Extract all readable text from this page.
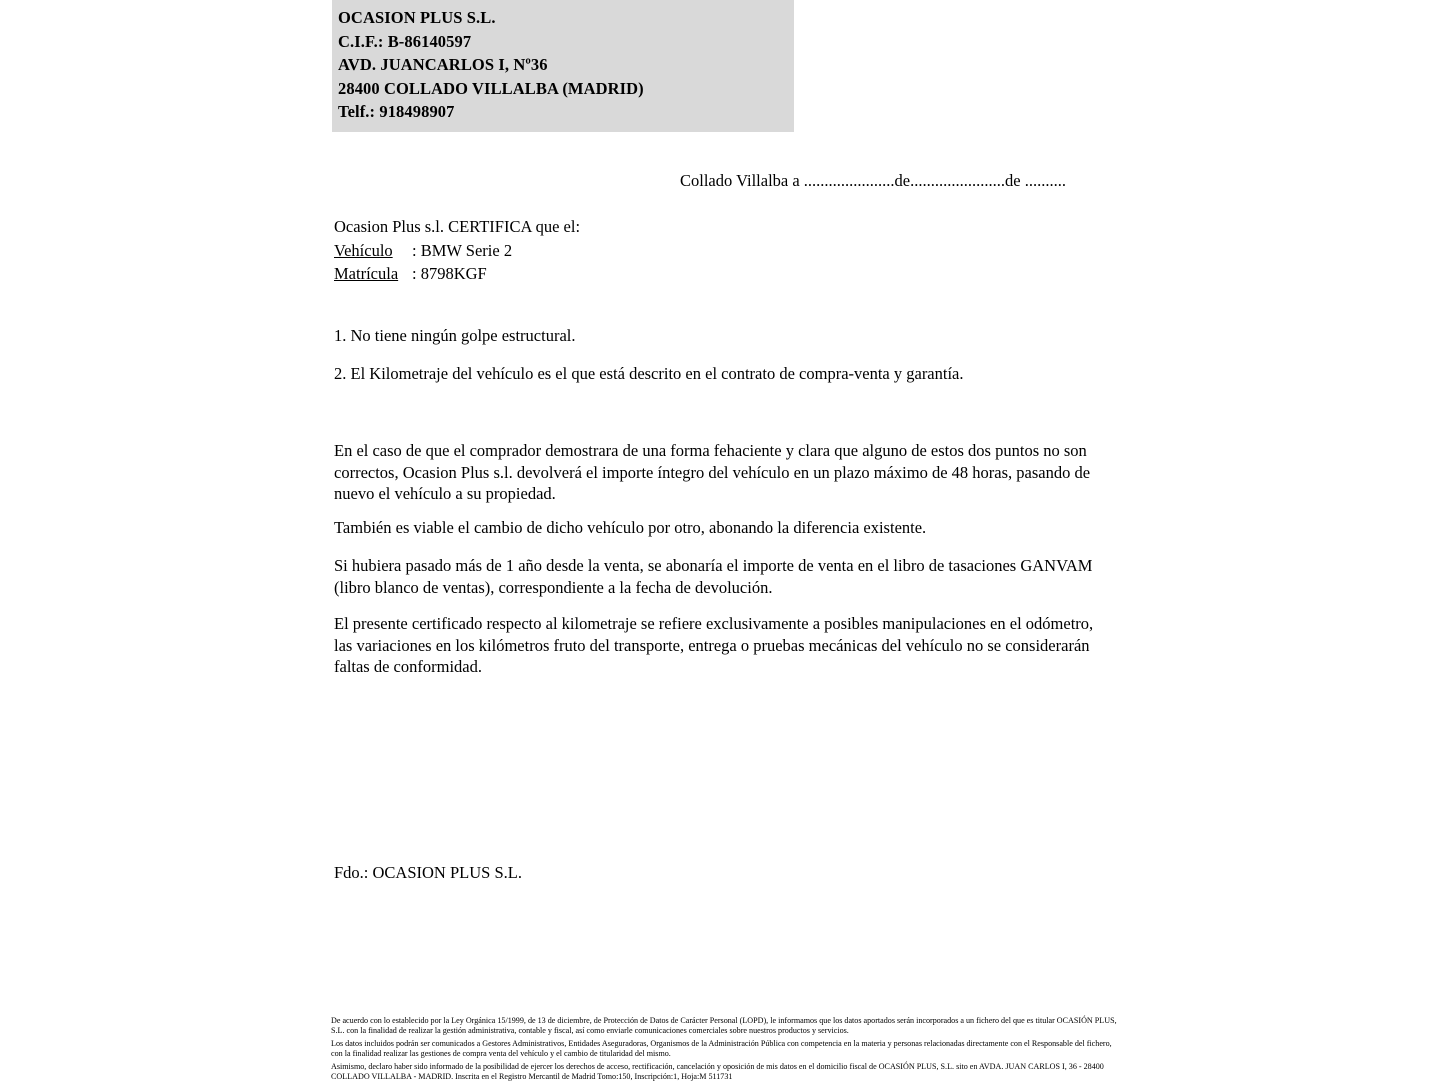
OCASION PLUS S.L.
C.I.F.: B-86140597
AVD. JUANCARLOS I, Nº36
28400 COLLADO VILLALBA (MADRID)
Telf.: 918498907
Collado Villalba a ......................de.......................de ..........
Ocasion Plus s.l. CERTIFICA que el:
Vehículo : BMW Serie 2
Matrícula : 8798KGF
1. No tiene ningún golpe estructural.
2. El Kilometraje del vehículo es el que está descrito en el contrato de compra-venta y garantía.
En el caso de que el comprador demostrara de una forma fehaciente y clara que alguno de estos dos puntos no son correctos, Ocasion Plus s.l. devolverá el importe íntegro del vehículo en un plazo máximo de 48 horas, pasando de nuevo el vehículo a su propiedad.
También es viable el cambio de dicho vehículo por otro, abonando la diferencia existente.
Si hubiera pasado más de 1 año desde la venta, se abonaría el importe de venta en el libro de tasaciones GANVAM (libro blanco de ventas), correspondiente a la fecha de devolución.
El presente certificado respecto al kilometraje se refiere exclusivamente a posibles manipulaciones en el odómetro, las variaciones en los kilómetros fruto del transporte, entrega o pruebas mecánicas del vehículo no se considerarán faltas de conformidad.
Fdo.: OCASION PLUS S.L.

De acuerdo con lo establecido por la Ley Orgánica 15/1999, de 13 de diciembre, de Protección de Datos de Carácter Personal (LOPD), le informamos que los datos aportados serán incorporados a un fichero del que es titular OCASIÓN PLUS, S.L. con la finalidad de realizar la gestión administrativa, contable y fiscal, así como enviarle comunicaciones comerciales sobre nuestros productos y servicios.

Los datos incluidos podrán ser comunicados a Gestores Administrativos, Entidades Aseguradoras, Organismos de la Administración Pública con competencia en la materia y personas relacionadas directamente con el Responsable del fichero, con la finalidad realizar las gestiones de compra venta del vehículo y el cambio de titularidad del mismo.

Asimismo, declaro haber sido informado de la posibilidad de ejercer los derechos de acceso, rectificación, cancelación y oposición de mis datos en el domicilio fiscal de OCASIÓN PLUS, S.L. sito en AVDA. JUAN CARLOS I, 36 - 28400 COLLADO VILLALBA - MADRID. Inscrita en el Registro Mercantil de Madrid Tomo:150, Inscripción:1, Hoja:M 511731
